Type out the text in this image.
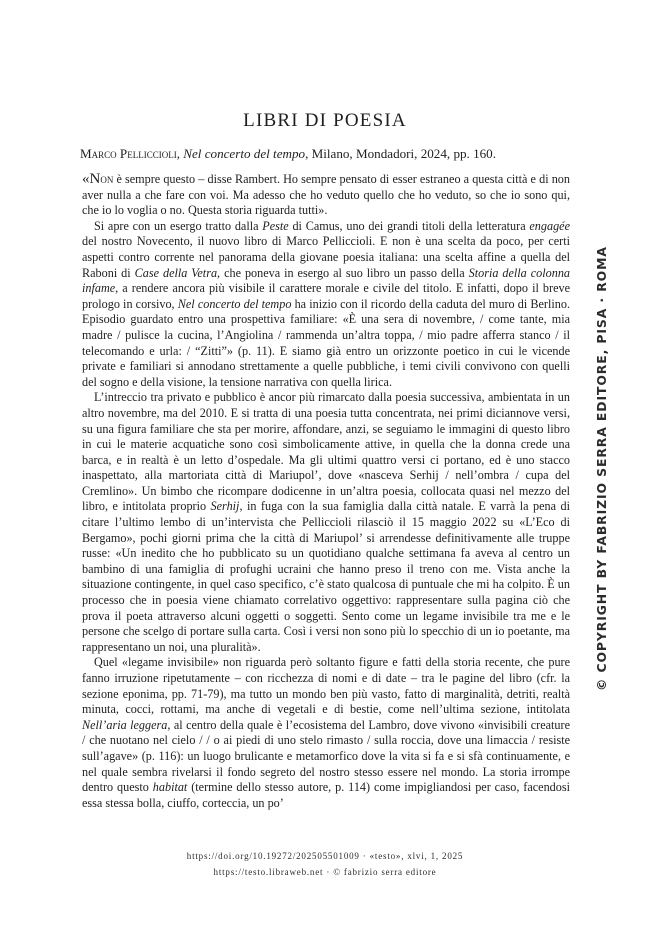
LIBRI DI POESIA
Marco Pelliccioli, Nel concerto del tempo, Milano, Mondadori, 2024, pp. 160.

«Non è sempre questo – disse Rambert. Ho sempre pensato di esser estraneo a questa città e di non aver nulla a che fare con voi. Ma adesso che ho veduto quello che ho veduto, so che io sono qui, che io lo voglia o no. Questa storia riguarda tutti».

Si apre con un esergo tratto dalla Peste di Camus, uno dei grandi titoli della letteratura engagée del nostro Novecento, il nuovo libro di Marco Pelliccioli. E non è una scelta da poco, per certi aspetti contro corrente nel panorama della giovane poesia italiana: una scelta affine a quella del Raboni di Case della Vetra, che poneva in esergo al suo libro un passo della Storia della colonna infame, a rendere ancora più visibile il carattere morale e civile del titolo. E infatti, dopo il breve prologo in corsivo, Nel concerto del tempo ha inizio con il ricordo della caduta del muro di Berlino. Episodio guardato entro una prospettiva familiare: «È una sera di novembre, / come tante, mia madre / pulisce la cucina, l’Angiolina / rammenda un’altra toppa, / mio padre afferra stanco / il telecomando e urla: / “Zitti”» (p. 11). E siamo già entro un orizzonte poetico in cui le vicende private e familiari si annodano strettamente a quelle pubbliche, i temi civili convivono con quelli del sogno e della visione, la tensione narrativa con quella lirica.

L’intreccio tra privato e pubblico è ancor più rimarcato dalla poesia successiva, ambientata in un altro novembre, ma del 2010. E si tratta di una poesia tutta concentrata, nei primi diciannove versi, su una figura familiare che sta per morire, affondare, anzi, se seguiamo le immagini di questo libro in cui le materie acquatiche sono così simbolicamente attive, in quella che la donna crede una barca, e in realtà è un letto d’ospedale. Ma gli ultimi quattro versi ci portano, ed è uno stacco inaspettato, alla martoriata città di Mariupol’, dove «nasceva Serhij / nell’ombra / cupa del Cremlino». Un bimbo che ricompare dodicenne in un’altra poesia, collocata quasi nel mezzo del libro, e intitolata proprio Serhij, in fuga con la sua famiglia dalla città natale. E varrà la pena di citare l’ultimo lembo di un’intervista che Pelliccioli rilasciò il 15 maggio 2022 su «L’Eco di Bergamo», pochi giorni prima che la città di Mariupol’ si arrendesse definitivamente alle truppe russe: «Un inedito che ho pubblicato su un quotidiano qualche settimana fa aveva al centro un bambino di una famiglia di profughi ucraini che hanno preso il treno con me. Vista anche la situazione contingente, in quel caso specifico, c’è stato qualcosa di puntuale che mi ha colpito. È un processo che in poesia viene chiamato correlativo oggettivo: rappresentare sulla pagina ciò che prova il poeta attraverso alcuni oggetti o soggetti. Sento come un legame invisibile tra me e le persone che scelgo di portare sulla carta. Così i versi non sono più lo specchio di un io poetante, ma rappresentano un noi, una pluralità».

Quel «legame invisibile» non riguarda però soltanto figure e fatti della storia recente, che pure fanno irruzione ripetutamente – con ricchezza di nomi e di date – tra le pagine del libro (cfr. la sezione eponima, pp. 71-79), ma tutto un mondo ben più vasto, fatto di marginalità, detriti, realtà minuta, cocci, rottami, ma anche di vegetali e di bestie, come nell’ultima sezione, intitolata Nell’aria leggera, al centro della quale è l’ecosistema del Lambro, dove vivono «invisibili creature / che nuotano nel cielo / / o ai piedi di uno stelo rimasto / sulla roccia, dove una limaccia / resiste sull’agave» (p. 116): un luogo brulicante e metamorfico dove la vita si fa e si sfà continuamente, e nel quale sembra rivelarsi il fondo segreto del nostro stesso essere nel mondo. La storia irrompe dentro questo habitat (termine dello stesso autore, p. 114) come impigliandosi per caso, facendosi essa stessa bolla, ciuffo, corteccia, un po’

© COPYRIGHT BY FABRIZIO SERRA EDITORE, PISA · ROMA
https://doi.org/10.19272/202505501009 · «testo», xlvi, 1, 2025
https://testo.libraweb.net · © fabrizio serra editore
